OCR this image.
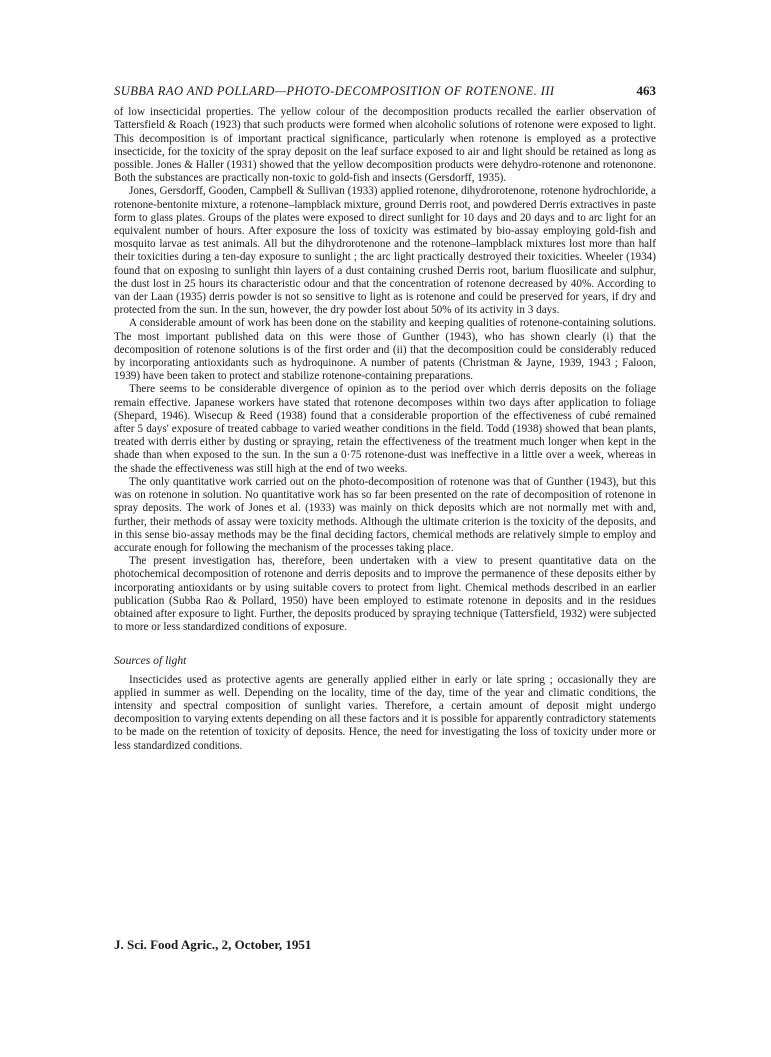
SUBBA RAO AND POLLARD—PHOTO-DECOMPOSITION OF ROTENONE. III	463

of low insecticidal properties. The yellow colour of the decomposition products recalled the earlier observation of Tattersfield & Roach (1923) that such products were formed when alcoholic solutions of rotenone were exposed to light. This decomposition is of important practical significance, particularly when rotenone is employed as a protective insecticide, for the toxicity of the spray deposit on the leaf surface exposed to air and light should be retained as long as possible. Jones & Haller (1931) showed that the yellow decomposition products were dehydro-rotenone and rotenonone. Both the substances are practically non-toxic to gold-fish and insects (Gersdorff, 1935).

Jones, Gersdorff, Gooden, Campbell & Sullivan (1933) applied rotenone, dihydrorotenone, rotenone hydrochloride, a rotenone-bentonite mixture, a rotenone–lampblack mixture, ground Derris root, and powdered Derris extractives in paste form to glass plates. Groups of the plates were exposed to direct sunlight for 10 days and 20 days and to arc light for an equivalent number of hours. After exposure the loss of toxicity was estimated by bio-assay employing gold-fish and mosquito larvae as test animals. All but the dihydrorotenone and the rotenone–lampblack mixtures lost more than half their toxicities during a ten-day exposure to sunlight ; the arc light practically destroyed their toxicities. Wheeler (1934) found that on exposing to sunlight thin layers of a dust containing crushed Derris root, barium fluosilicate and sulphur, the dust lost in 25 hours its characteristic odour and that the concentration of rotenone decreased by 40%. According to van der Laan (1935) derris powder is not so sensitive to light as is rotenone and could be preserved for years, if dry and protected from the sun. In the sun, however, the dry powder lost about 50% of its activity in 3 days.

A considerable amount of work has been done on the stability and keeping qualities of rotenone-containing solutions. The most important published data on this were those of Gunther (1943), who has shown clearly (i) that the decomposition of rotenone solutions is of the first order and (ii) that the decomposition could be considerably reduced by incorporating antioxidants such as hydroquinone. A number of patents (Christman & Jayne, 1939, 1943 ; Faloon, 1939) have been taken to protect and stabilize rotenone-containing preparations.

There seems to be considerable divergence of opinion as to the period over which derris deposits on the foliage remain effective. Japanese workers have stated that rotenone decomposes within two days after application to foliage (Shepard, 1946). Wisecup & Reed (1938) found that a considerable proportion of the effectiveness of cubé remained after 5 days' exposure of treated cabbage to varied weather conditions in the field. Todd (1938) showed that bean plants, treated with derris either by dusting or spraying, retain the effectiveness of the treatment much longer when kept in the shade than when exposed to the sun. In the sun a 0·75 rotenone-dust was ineffective in a little over a week, whereas in the shade the effectiveness was still high at the end of two weeks.

The only quantitative work carried out on the photo-decomposition of rotenone was that of Gunther (1943), but this was on rotenone in solution. No quantitative work has so far been presented on the rate of decomposition of rotenone in spray deposits. The work of Jones et al. (1933) was mainly on thick deposits which are not normally met with and, further, their methods of assay were toxicity methods. Although the ultimate criterion is the toxicity of the deposits, and in this sense bio-assay methods may be the final deciding factors, chemical methods are relatively simple to employ and accurate enough for following the mechanism of the processes taking place.

The present investigation has, therefore, been undertaken with a view to present quantitative data on the photochemical decomposition of rotenone and derris deposits and to improve the permanence of these deposits either by incorporating antioxidants or by using suitable covers to protect from light. Chemical methods described in an earlier publication (Subba Rao & Pollard, 1950) have been employed to estimate rotenone in deposits and in the residues obtained after exposure to light. Further, the deposits produced by spraying technique (Tattersfield, 1932) were subjected to more or less standardized conditions of exposure.

Sources of light

Insecticides used as protective agents are generally applied either in early or late spring ; occasionally they are applied in summer as well. Depending on the locality, time of the day, time of the year and climatic conditions, the intensity and spectral composition of sunlight varies. Therefore, a certain amount of deposit might undergo decomposition to varying extents depending on all these factors and it is possible for apparently contradictory statements to be made on the retention of toxicity of deposits. Hence, the need for investigating the loss of toxicity under more or less standardized conditions.

J. Sci. Food Agric., 2, October, 1951
